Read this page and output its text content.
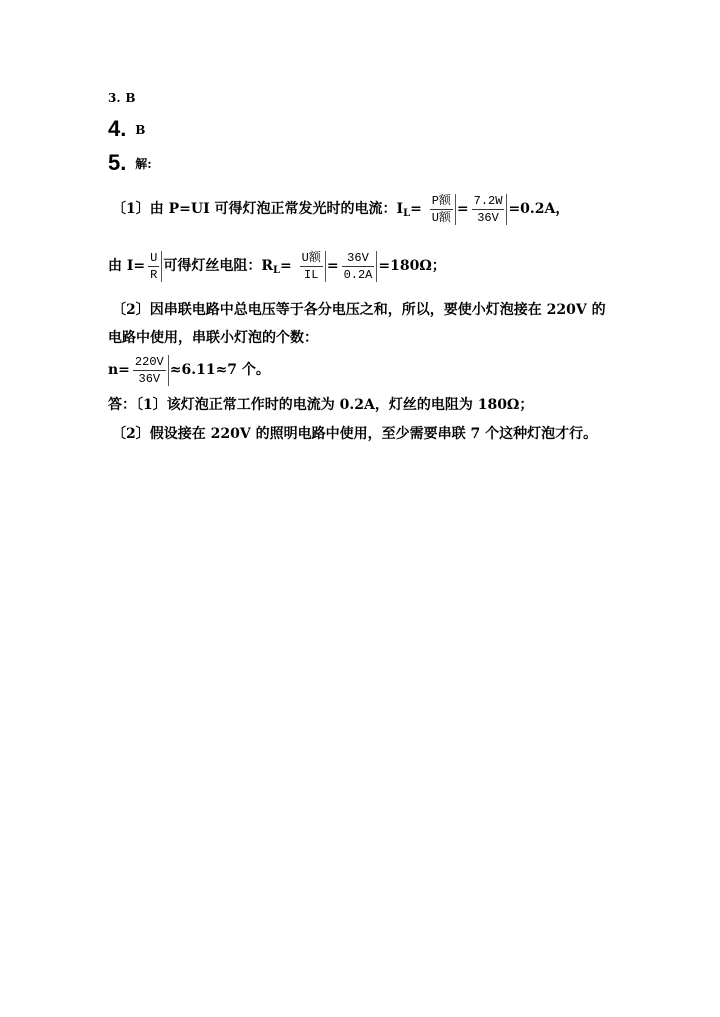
3. B
4. B
5. 解:
〔1〕由 P=UI 可得灯泡正常发光时的电流：$I_L= \frac{\text{P额}}{\text{U额}} = \frac{7.2W}{36V} =0.2A$，
由 $I= \frac{U}{R}$ 可得灯丝电阻：$R_L= \frac{\text{U额}}{IL} = \frac{36V}{0.2A} =180\Omega$；
〔2〕因串联电路中总电压等于各分电压之和，所以，要使小灯泡接在 220V 的
电路中使用，串联小灯泡的个数：
$n= \frac{220V}{36V} \approx 6.11\approx 7$ 个。
答：〔1〕该灯泡正常工作时的电流为 0.2A，灯丝的电阻为 180Ω；
〔2〕假设接在 220V 的照明电路中使用，至少需要串联 7 个这种灯泡才行。
